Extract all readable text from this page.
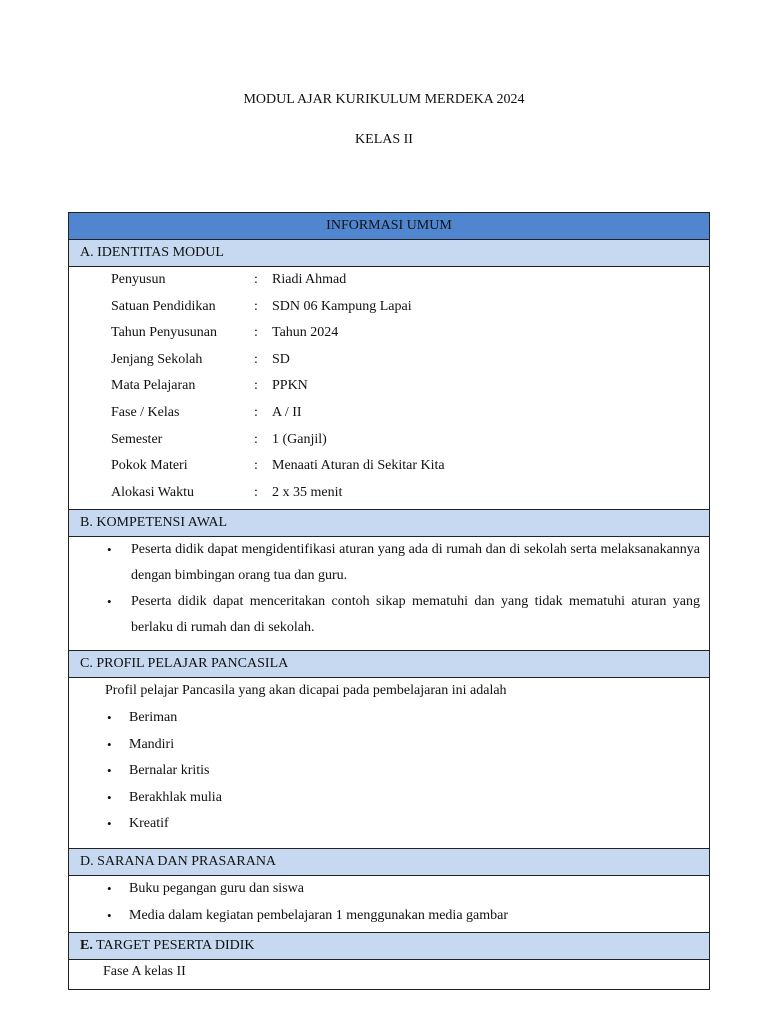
MODUL AJAR KURIKULUM MERDEKA 2024
KELAS II
INFORMASI UMUM
A. IDENTITAS MODUL
Penyusun	: Riadi Ahmad
Satuan Pendidikan	: SDN 06 Kampung Lapai
Tahun Penyusunan	: Tahun 2024
Jenjang Sekolah	: SD
Mata Pelajaran	: PPKN
Fase / Kelas	: A / II
Semester	: 1 (Ganjil)
Pokok Materi	: Menaati Aturan di Sekitar Kita
Alokasi Waktu	: 2 x 35 menit
B. KOMPETENSI AWAL
• Peserta didik dapat mengidentifikasi aturan yang ada di rumah dan di sekolah serta melaksanakannya dengan bimbingan orang tua dan guru.
• Peserta didik dapat menceritakan contoh sikap mematuhi dan yang tidak mematuhi aturan yang berlaku di rumah dan di sekolah.
C. PROFIL PELAJAR PANCASILA
Profil pelajar Pancasila yang akan dicapai pada pembelajaran ini adalah
• Beriman
• Mandiri
• Bernalar kritis
• Berakhlak mulia
• Kreatif
D. SARANA DAN PRASARANA
• Buku pegangan guru dan siswa
• Media dalam kegiatan pembelajaran 1 menggunakan media gambar
E. TARGET PESERTA DIDIK
Fase A kelas II
